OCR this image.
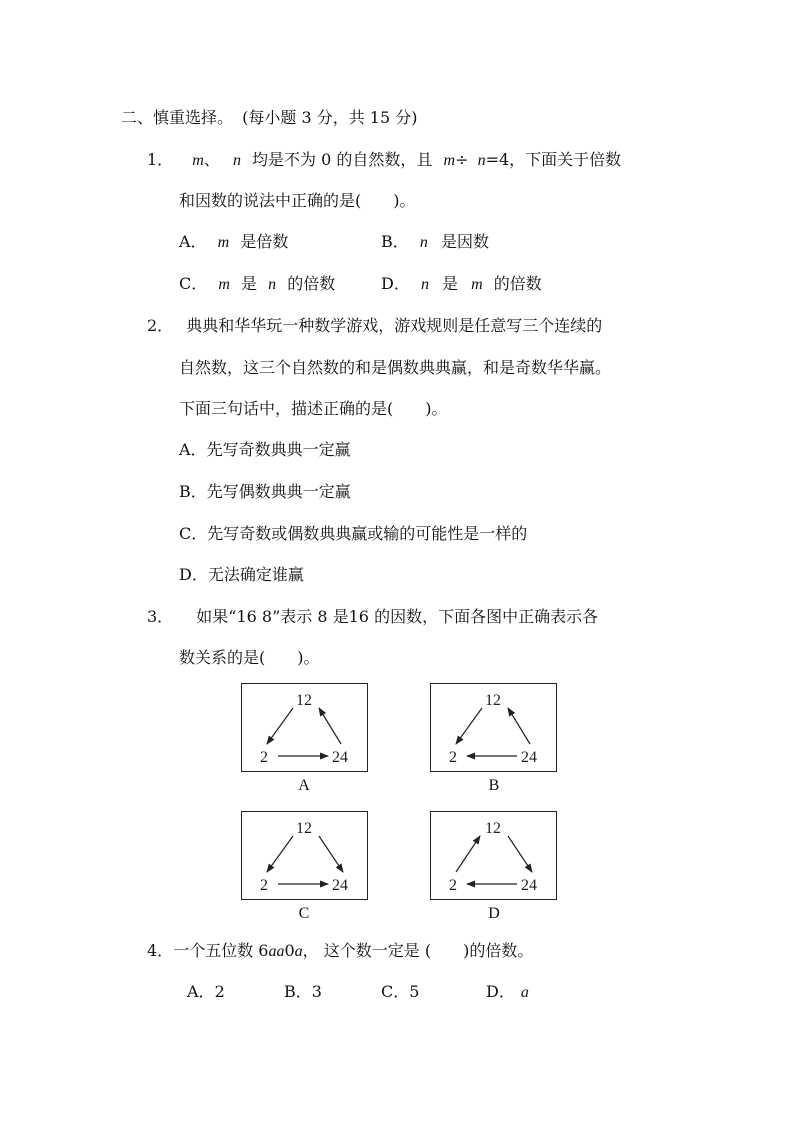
二、慎重选择。 (每小题 3 分，共 15 分)
1． m、 n 均是不为 0 的自然数，且 m÷ n=4，下面关于倍数
和因数的说法中正确的是(　　)。
A． m 是倍数	B． n 是因数
C． m 是 n 的倍数	D． n 是 m 的倍数
2． 典典和华华玩一种数学游戏，游戏规则是任意写三个连续的
自然数，这三个自然数的和是偶数典典赢，和是奇数华华赢。
下面三句话中，描述正确的是(　　)。
A．先写奇数典典一定赢
B．先写偶数典典一定赢
C．先写奇数或偶数典典赢或输的可能性是一样的
D．无法确定谁赢
3． 如果“16 8”表示 8 是16 的因数，下面各图中正确表示各
数关系的是(　　)。
12
2	24
A
12
2	24
B
12
2	24
C
12
2	24
D
4．一个五位数 6aa0a， 这个数一定是 (　　)的倍数。
A．2	B．3	C．5	D． a
